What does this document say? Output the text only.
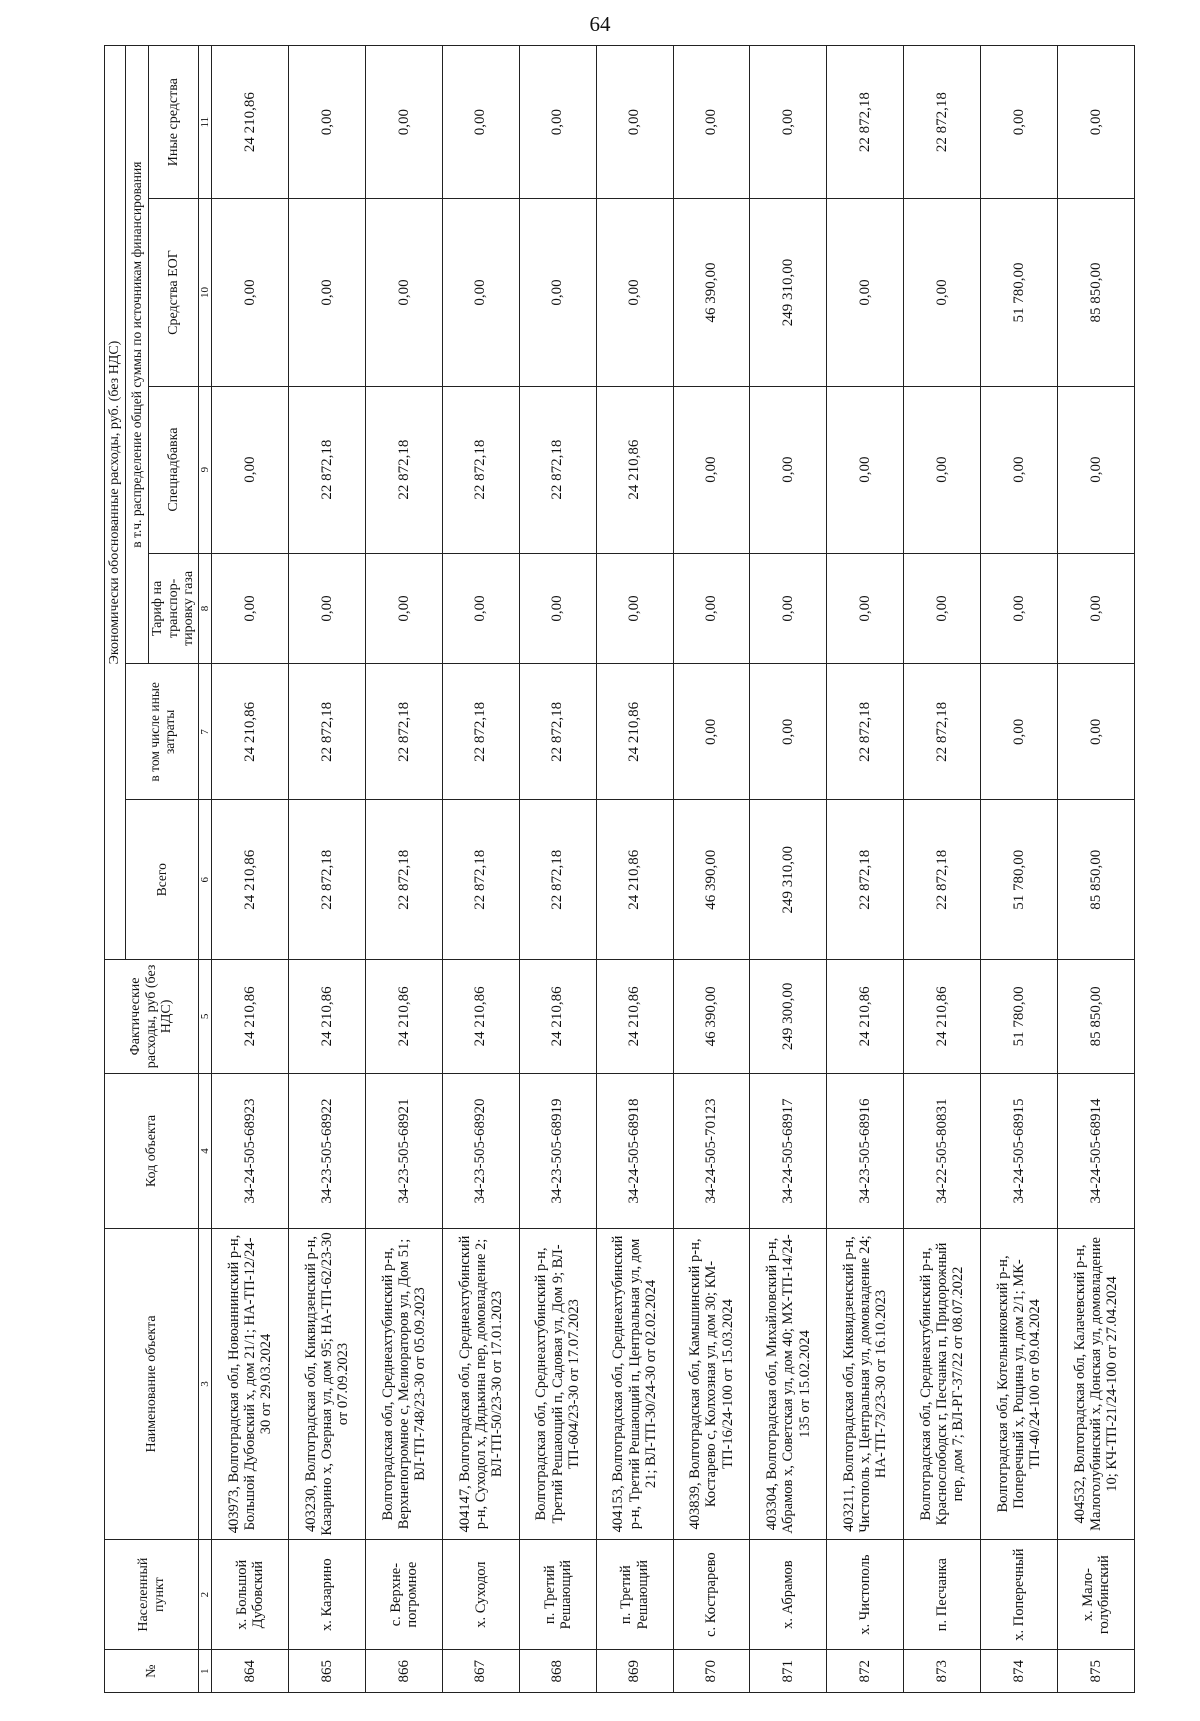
64
№	Населенный пункт	Наименование объекта	Код объекта	Фактические расходы, руб (без НДС)	Экономически обоснованные расходы, руб. (без НДС)					
					Всего	в том числе иные затраты	в т.ч. распределение общей суммы по источникам финансирования			
							Тариф на транспор-тировку газа	Спецнадбавка	Средства ЕОГ	Иные средства
1	2	3	4	5	6	7	8	9	10	11
864	х. Большой Дубовский	403973, Волгоградская обл, Новоаннинский р-н, Большой Дубовский х, дом 21/1; НА-ТП-12/24-30 от 29.03.2024	34-24-505-68923	24 210,86	24 210,86	24 210,86	0,00	0,00	0,00	24 210,86
865	х. Казарино	403230, Волгоградская обл, Киквидзенский р-н, Казарино х, Озерная ул, дом 95; НА-ТП-62/23-30 от 07.09.2023	34-23-505-68922	24 210,86	22 872,18	22 872,18	0,00	22 872,18	0,00	0,00
866	с. Верхне-погромное	Волгоградская обл, Среднеахтубинский р-н, Верхнепогромное с, Мелиораторов ул, Дом 51; ВЛ-ТП-748/23-30 от 05.09.2023	34-23-505-68921	24 210,86	22 872,18	22 872,18	0,00	22 872,18	0,00	0,00
867	х. Суходол	404147, Волгоградская обл, Среднеахтубинский р-н, Суходол х, Дядькина пер, домовладение 2; ВЛ-ТП-50/23-30 от 17.01.2023	34-23-505-68920	24 210,86	22 872,18	22 872,18	0,00	22 872,18	0,00	0,00
868	п. Третий Решающий	Волгоградская обл, Среднеахтубинский р-н, Третий Решающий п, Садовая ул, Дом 9; ВЛ-ТП-604/23-30 от 17.07.2023	34-23-505-68919	24 210,86	22 872,18	22 872,18	0,00	22 872,18	0,00	0,00
869	п. Третий Решающий	404153, Волгоградская обл, Среднеахтубинский р-н, Третий Решающий п, Центральная ул, дом 21; ВЛ-ТП-30/24-30 от 02.02.2024	34-24-505-68918	24 210,86	24 210,86	24 210,86	0,00	24 210,86	0,00	0,00
870	с. Кострарево	403839, Волгоградская обл, Камышинский р-н, Костарево с, Колхозная ул, дом 30; КМ-ТП-16/24-100 от 15.03.2024	34-24-505-70123	46 390,00	46 390,00	0,00	0,00	0,00	46 390,00	0,00
871	х. Абрамов	403304, Волгоградская обл, Михайловский р-н, Абрамов х, Советская ул, дом 40; МХ-ТП-14/24-135 от 15.02.2024	34-24-505-68917	249 300,00	249 310,00	0,00	0,00	0,00	249 310,00	0,00
872	х. Чистополь	403211, Волгоградская обл, Киквидзенский р-н, Чистополь х, Центральная ул, домовладение 24; НА-ТП-73/23-30 от 16.10.2023	34-23-505-68916	24 210,86	22 872,18	22 872,18	0,00	0,00	0,00	22 872,18
873	п. Песчанка	Волгоградская обл, Среднеахтубинский р-н, Краснослободск г, Песчанка п, Придорожный пер, дом 7; ВЛ-РГ-37/22 от 08.07.2022	34-22-505-80831	24 210,86	22 872,18	22 872,18	0,00	0,00	0,00	22 872,18
874	х. Поперечный	Волгоградская обл, Котельниковский р-н, Поперечный х, Рощина ул, дом 2/1; МК-ТП-40/24-100 от 09.04.2024	34-24-505-68915	51 780,00	51 780,00	0,00	0,00	0,00	51 780,00	0,00
875	х. Мало-голубинский	404532, Волгоградская обл, Калачевский р-н, Малоголубинский х, Донская ул, домовладение 10; КЧ-ТП-21/24-100 от 27.04.2024	34-24-505-68914	85 850,00	85 850,00	0,00	0,00	0,00	85 850,00	0,00
